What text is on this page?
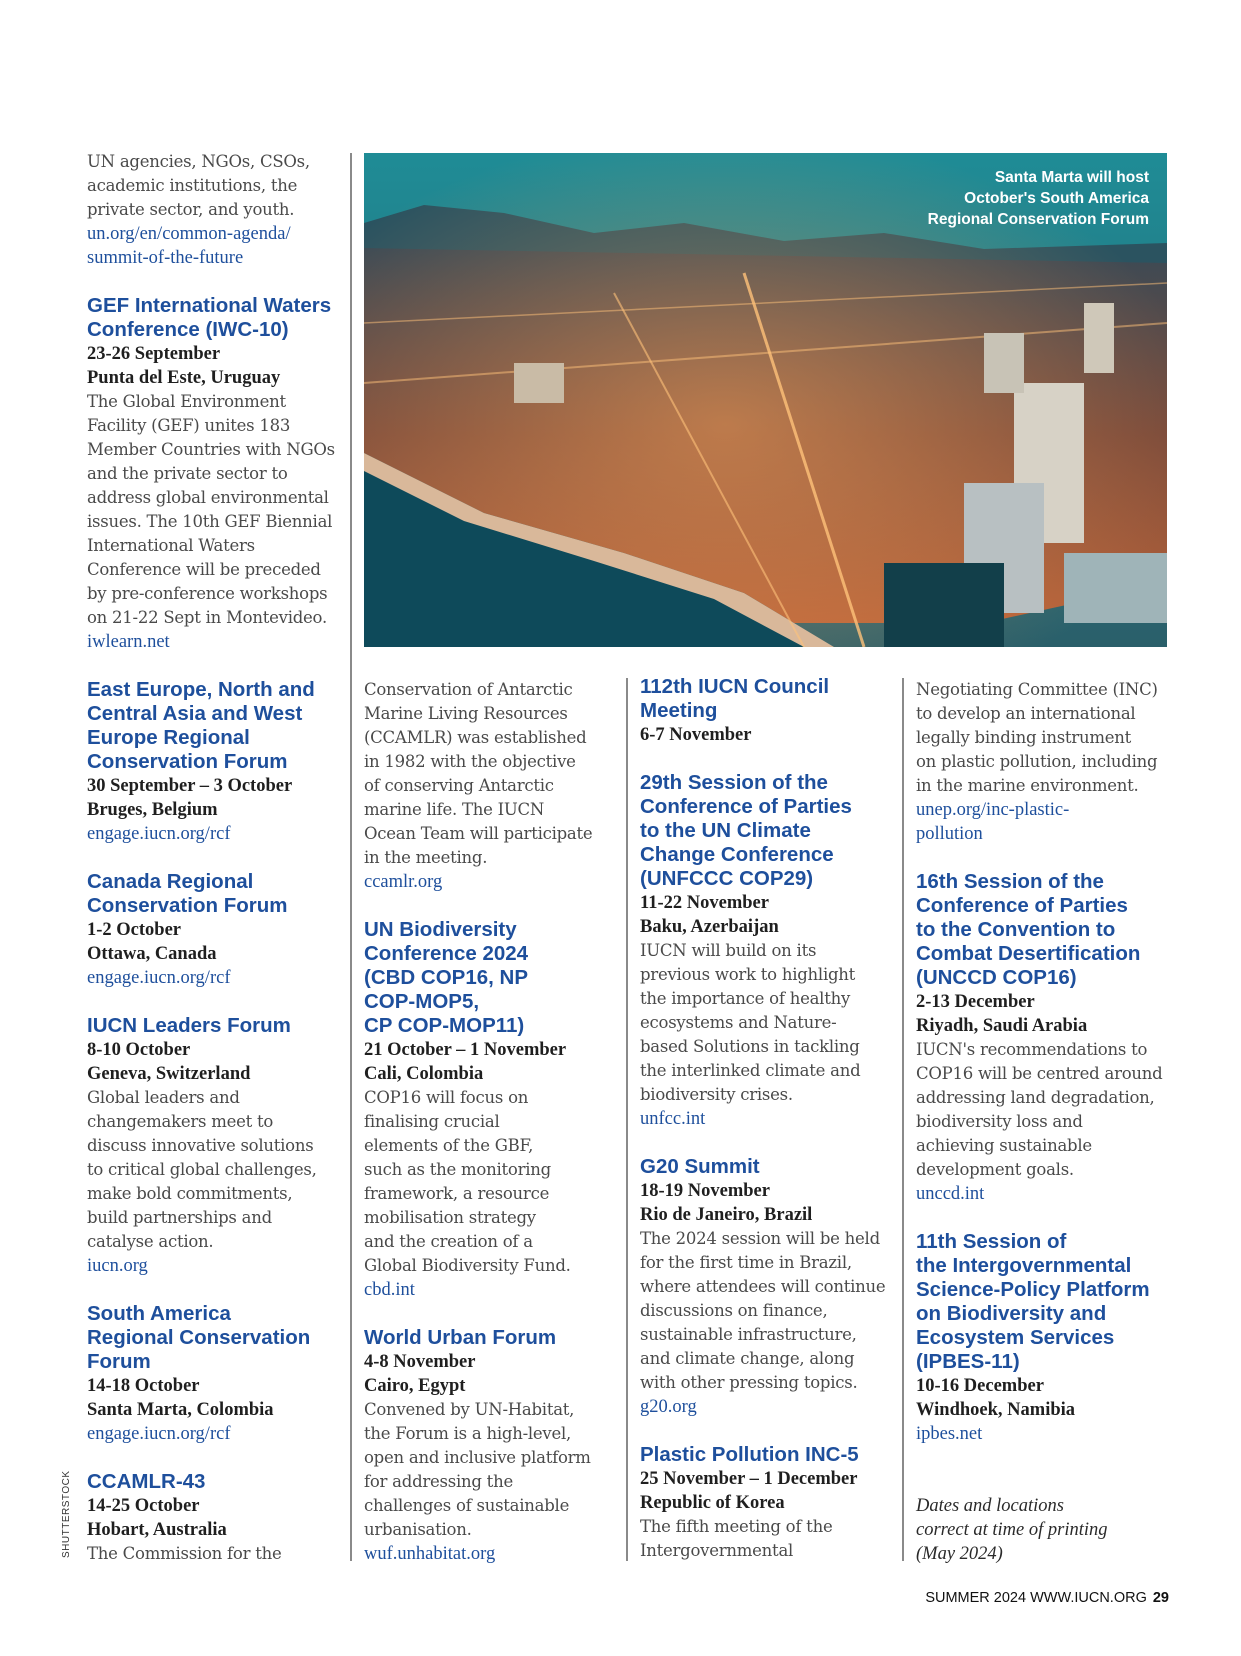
UN agencies, NGOs, CSOs,
academic institutions, the
private sector, and youth.

un.org/en/common-agenda/
summit-of-the-future

GEF International Waters
Conference (IWC-10)

23-26 September

Punta del Este, Uruguay

The Global Environment
Facility (GEF) unites 183
Member Countries with NGOs
and the private sector to
address global environmental
issues. The 10th GEF Biennial
International Waters
Conference will be preceded
by pre-conference workshops
on 21-22 Sept in Montevideo.

iwlearn.net

East Europe, North and
Central Asia and West
Europe Regional
Conservation Forum

30 September – 3 October

Bruges, Belgium

engage.iucn.org/rcf

Canada Regional
Conservation Forum

1-2 October

Ottawa, Canada

engage.iucn.org/rcf

IUCN Leaders Forum

8-10 October

Geneva, Switzerland

Global leaders and
changemakers meet to
discuss innovative solutions
to critical global challenges,
make bold commitments,
build partnerships and
catalyse action.

iucn.org

South America
Regional Conservation
Forum

14-18 October

Santa Marta, Colombia

engage.iucn.org/rcf

CCAMLR-43

14-25 October

Hobart, Australia

The Commission for the

Santa Marta will host
October's South America
Regional Conservation Forum

Conservation of Antarctic
Marine Living Resources
(CCAMLR) was established
in 1982 with the objective
of conserving Antarctic
marine life. The IUCN
Ocean Team will participate
in the meeting.

ccamlr.org

UN Biodiversity
Conference 2024
(CBD COP16, NP
COP-MOP5,
CP COP-MOP11)

21 October – 1 November

Cali, Colombia

COP16 will focus on
finalising crucial
elements of the GBF,
such as the monitoring
framework, a resource
mobilisation strategy
and the creation of a
Global Biodiversity Fund.

cbd.int

World Urban Forum

4-8 November

Cairo, Egypt

Convened by UN-Habitat,
the Forum is a high-level,
open and inclusive platform
for addressing the
challenges of sustainable
urbanisation.

wuf.unhabitat.org

112th IUCN Council
Meeting

6-7 November

29th Session of the
Conference of Parties
to the UN Climate
Change Conference
(UNFCCC COP29)

11-22 November

Baku, Azerbaijan

IUCN will build on its
previous work to highlight
the importance of healthy
ecosystems and Nature-
based Solutions in tackling
the interlinked climate and
biodiversity crises.

unfcc.int

G20 Summit

18-19 November

Rio de Janeiro, Brazil

The 2024 session will be held
for the first time in Brazil,
where attendees will continue
discussions on finance,
sustainable infrastructure,
and climate change, along
with other pressing topics.

g20.org

Plastic Pollution INC-5

25 November – 1 December

Republic of Korea

The fifth meeting of the
Intergovernmental

Negotiating Committee (INC)
to develop an international
legally binding instrument
on plastic pollution, including
in the marine environment.

unep.org/inc-plastic-
pollution

16th Session of the
Conference of Parties
to the Convention to
Combat Desertification
(UNCCD COP16)

2-13 December

Riyadh, Saudi Arabia

IUCN's recommendations to
COP16 will be centred around
addressing land degradation,
biodiversity loss and
achieving sustainable
development goals.

unccd.int

11th Session of
the Intergovernmental
Science-Policy Platform
on Biodiversity and
Ecosystem Services
(IPBES-11)

10-16 December

Windhoek, Namibia

ipbes.net

Dates and locations
correct at time of printing
(May 2024)

SHUTTERSTOCK
SUMMER 2024 WWW.IUCN.ORG 29
